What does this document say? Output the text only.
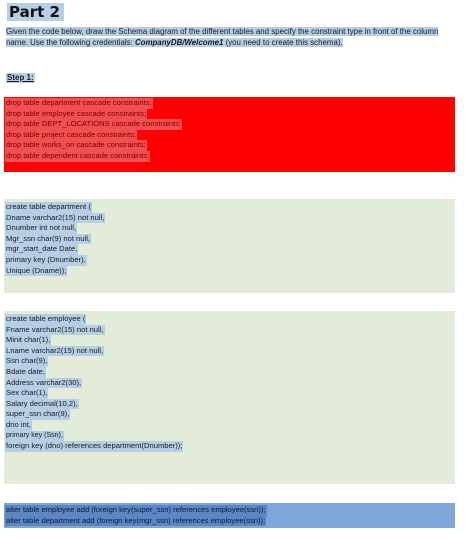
Part 2
Given the code below, draw the Schema diagram of the different tables and specify the constraint type in front of the column name. Use the following credentials: CompanyDB/Welcome1 (you need to create this schema).
Step 1:
drop table department cascade constraints;
drop table employee cascade constraints;
drop table DEPT_LOCATIONS cascade constraints;
drop table project cascade constraints;
drop table works_on cascade constraints;
drop table dependent cascade constraints;
create table department (
Dname varchar2(15) not null,
Dnumber int not null,
Mgr_ssn char(9) not null,
mgr_start_date Date,
primary key (Dnumber),
Unique (Dname));
create table employee (
Fname varchar2(15) not null,
Minit char(1),
Lname varchar2(15) not null,
Ssn char(9),
Bdate date,
Address varchar2(30),
Sex char(1),
Salary decimal(10,2),
super_ssn char(9),
dno int,
primary key (Ssn),
foreign key (dno) references department(Dnumber));
alter table employee add (foreign key(super_ssn) references employee(ssn));
alter table department add (foreign key(mgr_ssn) references employee(ssn));
